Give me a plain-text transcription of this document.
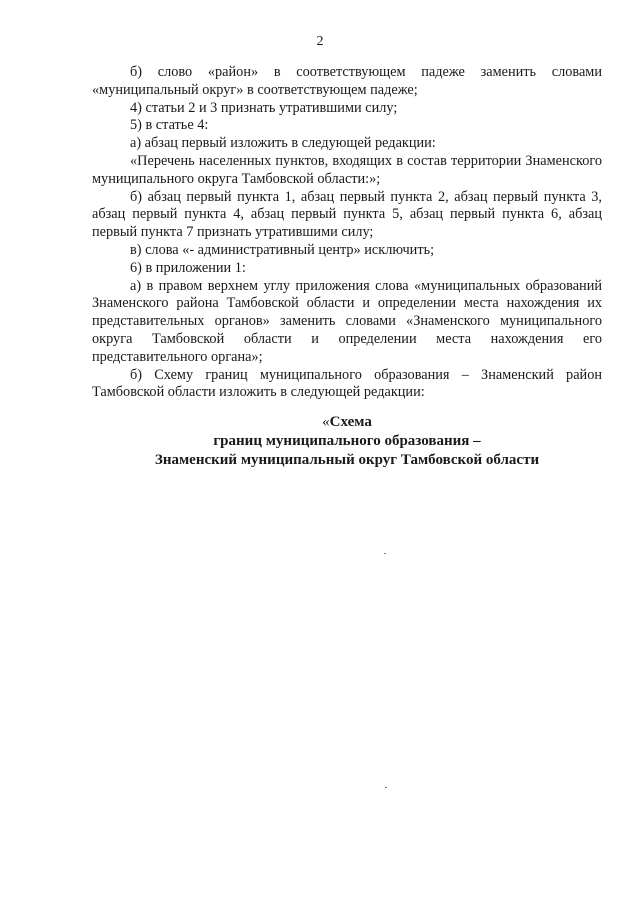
2

б) слово «район» в соответствующем падеже заменить словами «муниципальный округ» в соответствующем падеже;

4) статьи 2 и 3 признать утратившими силу;

5) в статье 4:

а) абзац первый изложить в следующей редакции:

«Перечень населенных пунктов, входящих в состав территории Знаменского муниципального округа Тамбовской области:»;

б) абзац первый пункта 1, абзац первый пункта 2, абзац первый пункта 3, абзац первый пункта 4, абзац первый пункта 5, абзац первый пункта 6, абзац первый пункта 7 признать утратившими силу;

в) слова «- административный центр» исключить;

6) в приложении 1:

а) в правом верхнем углу приложения слова «муниципальных образований Знаменского района Тамбовской области и определении места нахождения их представительных органов» заменить словами «Знаменского муниципального округа Тамбовской области и определении места нахождения его представительного органа»;

б) Схему границ муниципального образования – Знаменский район Тамбовской области изложить в следующей редакции:

«Схема
границ муниципального образования –
Знаменский муниципальный округ Тамбовской области
